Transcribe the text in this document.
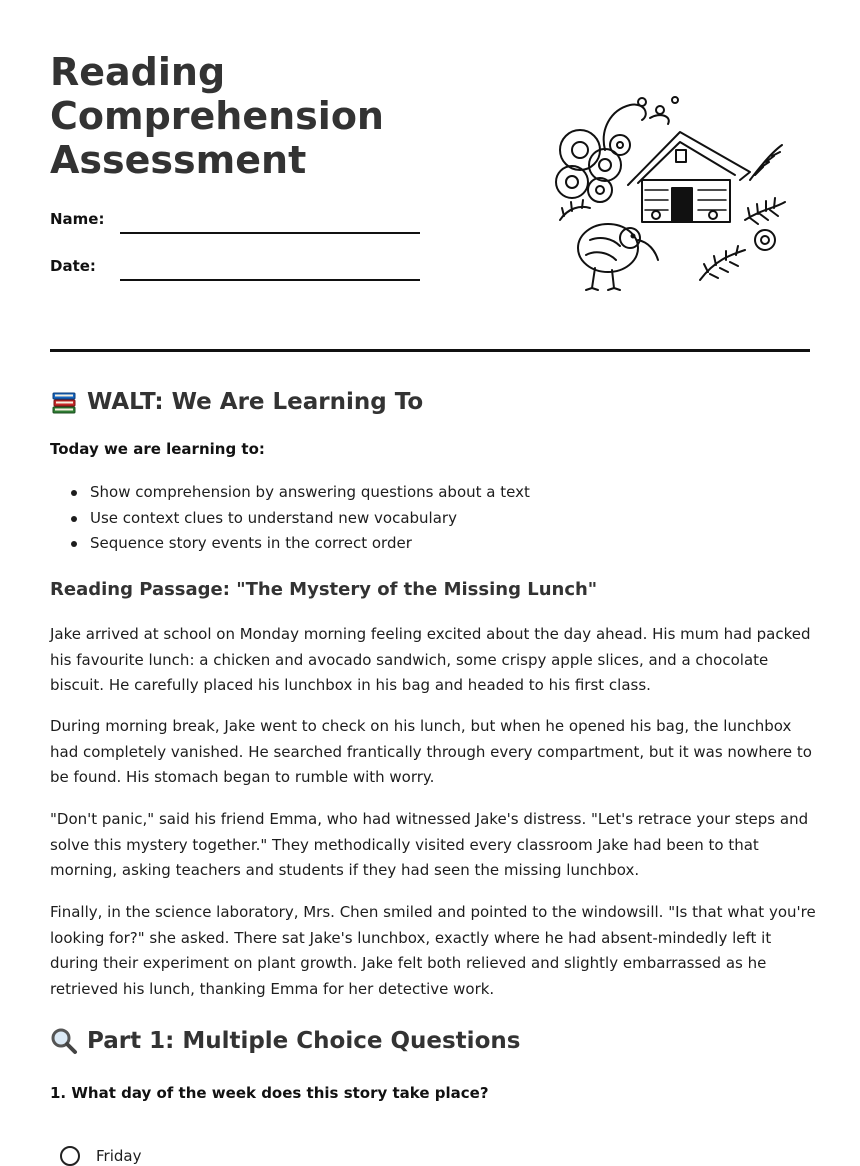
Reading Comprehension Assessment
Name:
Date:
WALT: We Are Learning To
Today we are learning to:
Show comprehension by answering questions about a text
Use context clues to understand new vocabulary
Sequence story events in the correct order
Reading Passage: "The Mystery of the Missing Lunch"

Jake arrived at school on Monday morning feeling excited about the day ahead. His mum had packed his favourite lunch: a chicken and avocado sandwich, some crispy apple slices, and a chocolate biscuit. He carefully placed his lunchbox in his bag and headed to his first class.

During morning break, Jake went to check on his lunch, but when he opened his bag, the lunchbox had completely vanished. He searched frantically through every compartment, but it was nowhere to be found. His stomach began to rumble with worry.

"Don't panic," said his friend Emma, who had witnessed Jake's distress. "Let's retrace your steps and solve this mystery together." They methodically visited every classroom Jake had been to that morning, asking teachers and students if they had seen the missing lunchbox.

Finally, in the science laboratory, Mrs. Chen smiled and pointed to the windowsill. "Is that what you're looking for?" she asked. There sat Jake's lunchbox, exactly where he had absent-mindedly left it during their experiment on plant growth. Jake felt both relieved and slightly embarrassed as he retrieved his lunch, thanking Emma for her detective work.

Part 1: Multiple Choice Questions
1. What day of the week does this story take place?
Friday
